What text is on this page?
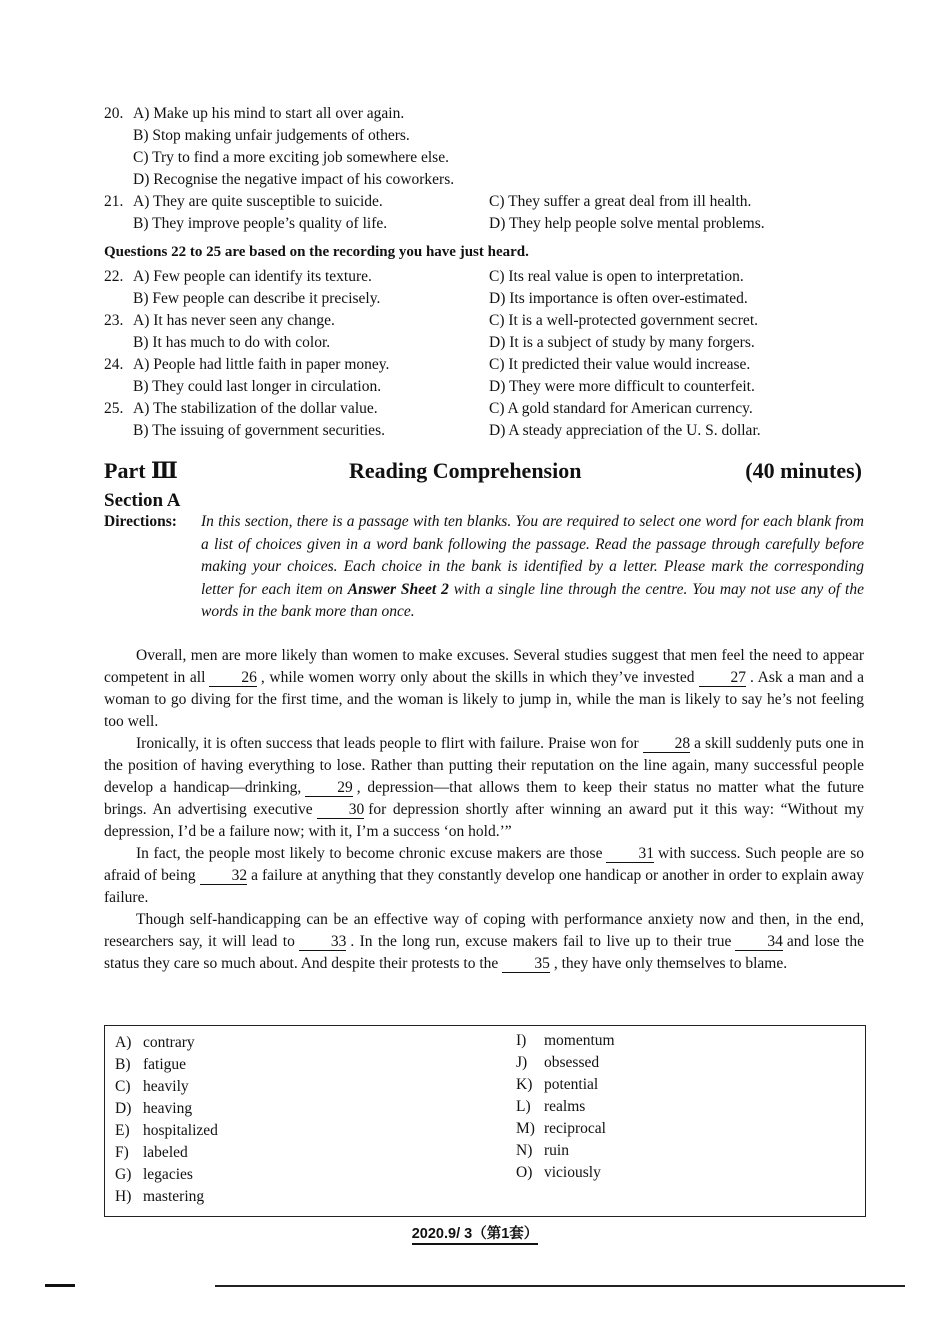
20. A) Make up his mind to start all over again.
B) Stop making unfair judgements of others.
C) Try to find a more exciting job somewhere else.
D) Recognise the negative impact of his coworkers.
21. A) They are quite susceptible to suicide.
B) They improve people’s quality of life.
C) They suffer a great deal from ill health.
D) They help people solve mental problems.
Questions 22 to 25 are based on the recording you have just heard.
22. A) Few people can identify its texture.
B) Few people can describe it precisely.
C) Its real value is open to interpretation.
D) Its importance is often over-estimated.
23. A) It has never seen any change.
B) It has much to do with color.
C) It is a well-protected government secret.
D) It is a subject of study by many forgers.
24. A) People had little faith in paper money.
B) They could last longer in circulation.
C) It predicted their value would increase.
D) They were more difficult to counterfeit.
25. A) The stabilization of the dollar value.
B) The issuing of government securities.
C) A gold standard for American currency.
D) A steady appreciation of the U. S. dollar.
Part Ⅲ	Reading Comprehension	(40 minutes)
Section A
Directions: In this section, there is a passage with ten blanks. You are required to select one word for each blank from a list of choices given in a word bank following the passage. Read the passage through carefully before making your choices. Each choice in the bank is identified by a letter. Please mark the corresponding letter for each item on Answer Sheet 2 with a single line through the centre. You may not use any of the words in the bank more than once.

Overall, men are more likely than women to make excuses. Several studies suggest that men feel the need to appear competent in all 26 , while women worry only about the skills in which they’ve invested 27 . Ask a man and a woman to go diving for the first time, and the woman is likely to jump in, while the man is likely to say he’s not feeling too well.

Ironically, it is often success that leads people to flirt with failure. Praise won for 28 a skill suddenly puts one in the position of having everything to lose. Rather than putting their reputation on the line again, many successful people develop a handicap—drinking, 29 , depression—that allows them to keep their status no matter what the future brings. An advertising executive 30 for depression shortly after winning an award put it this way: “Without my depression, I’d be a failure now; with it, I’m a success ‘on hold.’”

In fact, the people most likely to become chronic excuse makers are those 31 with success. Such people are so afraid of being 32 a failure at anything that they constantly develop one handicap or another in order to explain away failure.

Though self-handicapping can be an effective way of coping with performance anxiety now and then, in the end, researchers say, it will lead to 33 . In the long run, excuse makers fail to live up to their true 34 and lose the status they care so much about. And despite their protests to the 35 , they have only themselves to blame.

A) contrary
B) fatigue
C) heavily
D) heaving
E) hospitalized
F) labeled
G) legacies
H) mastering
I) momentum
J) obsessed
K) potential
L) realms
M) reciprocal
N) ruin
O) viciously
2020.9/ 3（第1套）
